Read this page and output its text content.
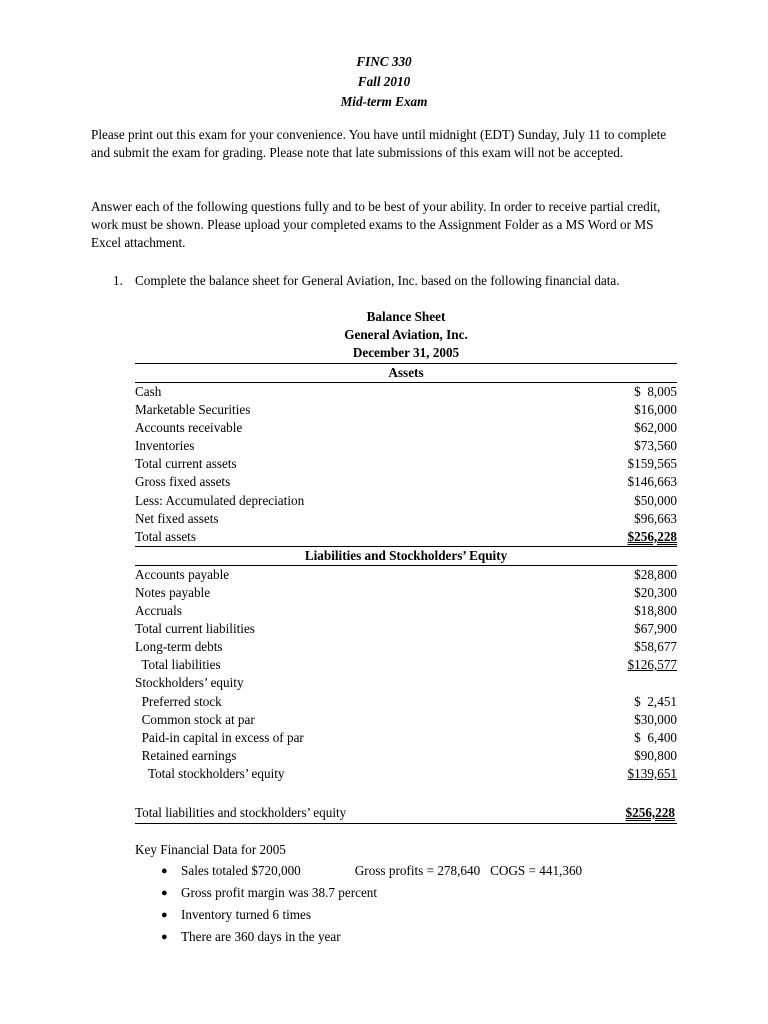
FINC 330
Fall 2010
Mid-term Exam
Please print out this exam for your convenience. You have until midnight (EDT) Sunday, July 11 to complete and submit the exam for grading. Please note that late submissions of this exam will not be accepted.
Answer each of the following questions fully and to be best of your ability. In order to receive partial credit, work must be shown. Please upload your completed exams to the Assignment Folder as a MS Word or MS Excel attachment.
1. Complete the balance sheet for General Aviation, Inc. based on the following financial data.
Balance Sheet
General Aviation, Inc.
December 31, 2005
Assets
Cash	$  8,005
Marketable Securities	$16,000
Accounts receivable	$62,000
Inventories	$73,560
Total current assets	$159,565
Gross fixed assets	$146,663
Less: Accumulated depreciation	$50,000
Net fixed assets	$96,663
Total assets	$256,228
Liabilities and Stockholders’ Equity
Accounts payable	$28,800
Notes payable	$20,300
Accruals	$18,800
Total current liabilities	$67,900
Long-term debts	$58,677
Total liabilities	$126,577
Stockholders’ equity
Preferred stock	$  2,451
Common stock at par	$30,000
Paid-in capital in excess of par	$  6,400
Retained earnings	$90,800
Total stockholders’ equity	$139,651
Total liabilities and stockholders’ equity	$256,228
Key Financial Data for 2005
●	Sales totaled $720,000	Gross profits = 278,640   COGS = 441,360
●	Gross profit margin was 38.7 percent
●	Inventory turned 6 times
●	There are 360 days in the year
